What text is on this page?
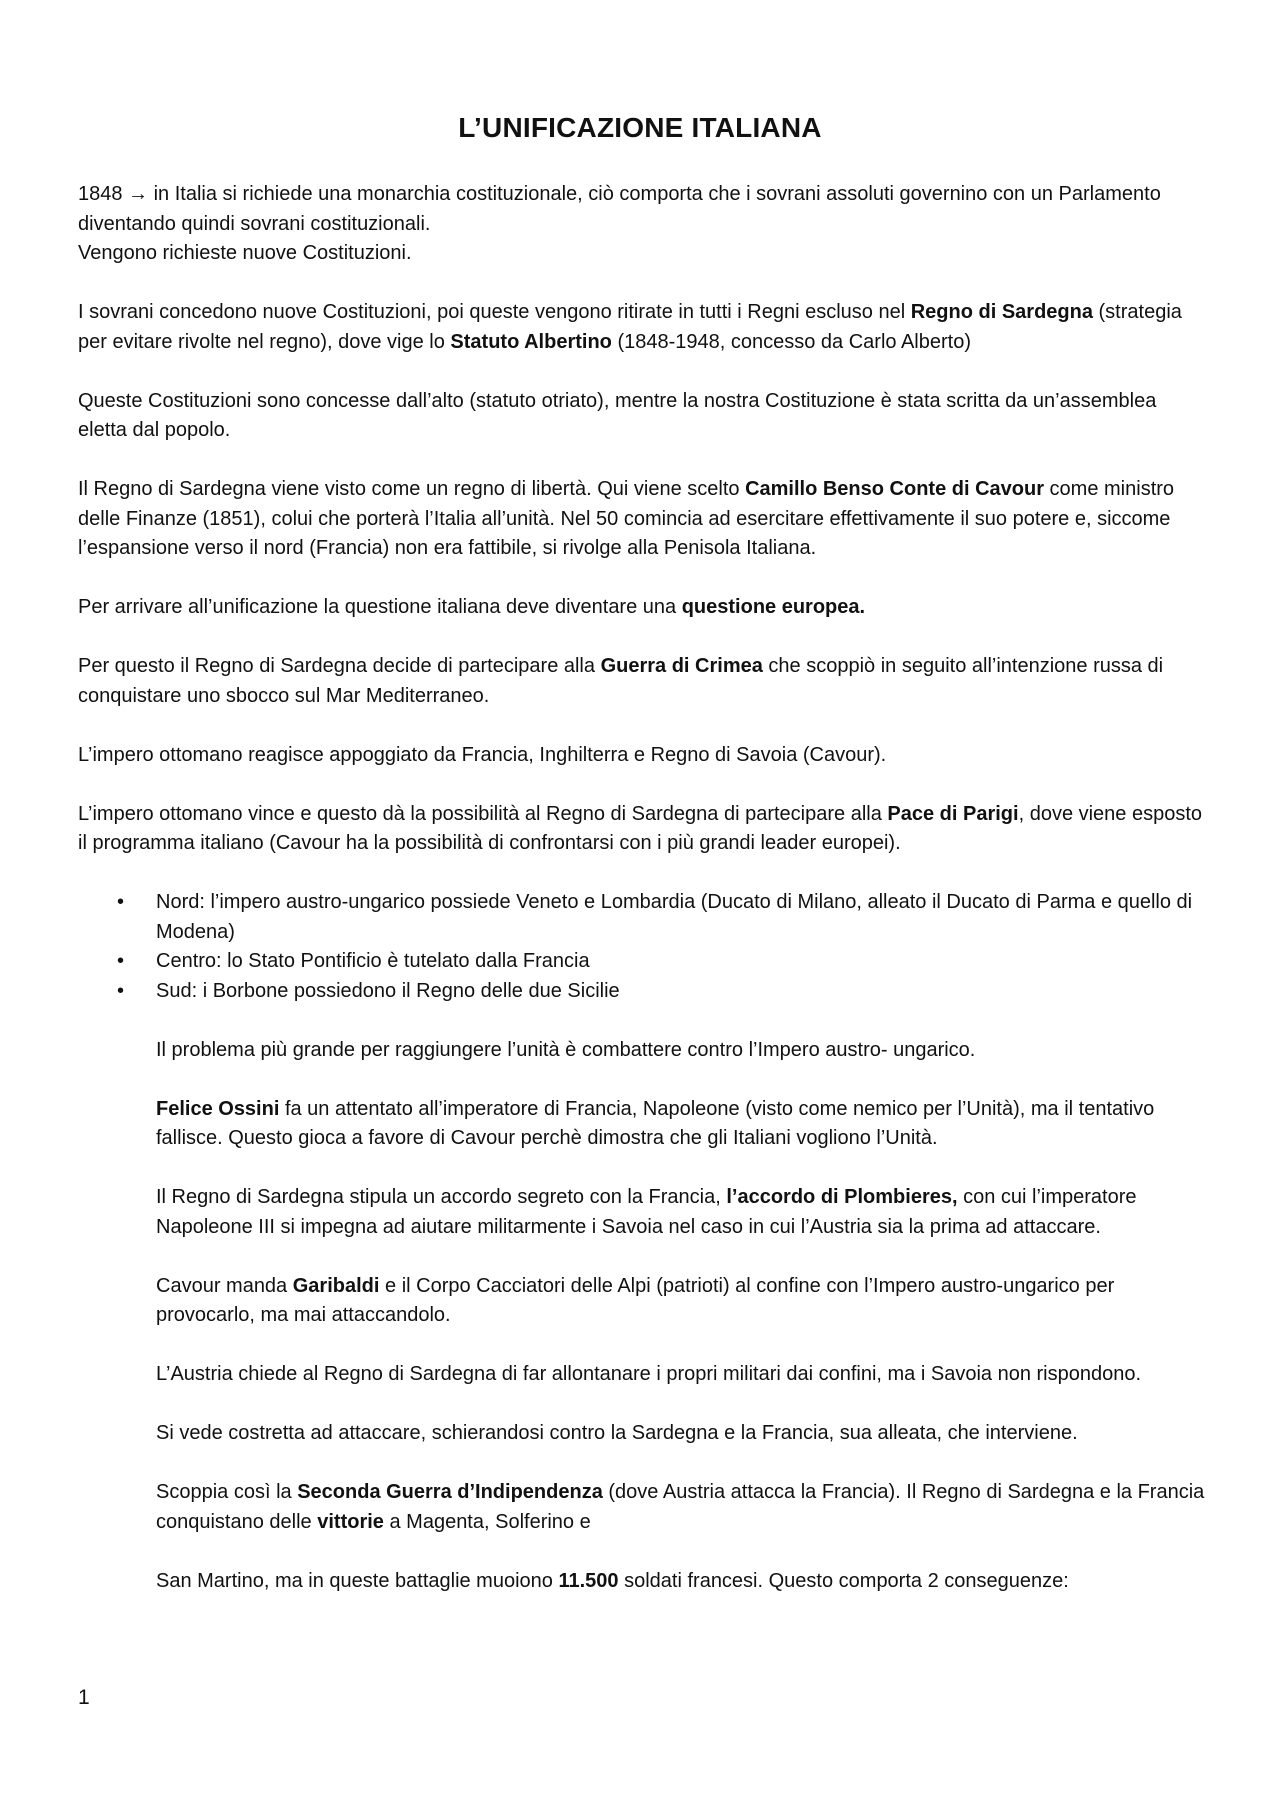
L’UNIFICAZIONE ITALIANA

1848 → in Italia si richiede una monarchia costituzionale, ciò comporta che i sovrani assoluti governino con un Parlamento diventando quindi sovrani costituzionali.
Vengono richieste nuove Costituzioni.

I sovrani concedono nuove Costituzioni, poi queste vengono ritirate in tutti i Regni escluso nel Regno di Sardegna (strategia per evitare rivolte nel regno), dove vige lo Statuto Albertino (1848-1948, concesso da Carlo Alberto)

Queste Costituzioni sono concesse dall’alto (statuto otriato), mentre la nostra Costituzione è stata scritta da un’assemblea eletta dal popolo.

Il Regno di Sardegna viene visto come un regno di libertà. Qui viene scelto Camillo Benso Conte di Cavour come ministro delle Finanze (1851), colui che porterà l’Italia all’unità. Nel 50 comincia ad esercitare effettivamente il suo potere e, siccome l’espansione verso il nord (Francia) non era fattibile, si rivolge alla Penisola Italiana.

Per arrivare all’unificazione la questione italiana deve diventare una questione europea.

Per questo il Regno di Sardegna decide di partecipare alla Guerra di Crimea che scoppiò in seguito all’intenzione russa di conquistare uno sbocco sul Mar Mediterraneo.

L’impero ottomano reagisce appoggiato da Francia, Inghilterra e Regno di Savoia (Cavour).

L’impero ottomano vince e questo dà la possibilità al Regno di Sardegna di partecipare alla Pace di Parigi, dove viene esposto il programma italiano (Cavour ha la possibilità di confrontarsi con i più grandi leader europei).

• Nord: l’impero austro-ungarico possiede Veneto e Lombardia (Ducato di Milano, alleato il Ducato di Parma e quello di Modena)
• Centro: lo Stato Pontificio è tutelato dalla Francia
• Sud: i Borbone possiedono il Regno delle due Sicilie

Il problema più grande per raggiungere l’unità è combattere contro l’Impero austro- ungarico.

Felice Ossini fa un attentato all’imperatore di Francia, Napoleone (visto come nemico per l’Unità), ma il tentativo fallisce. Questo gioca a favore di Cavour perchè dimostra che gli Italiani vogliono l’Unità.

Il Regno di Sardegna stipula un accordo segreto con la Francia, l’accordo di Plombieres, con cui l’imperatore Napoleone III si impegna ad aiutare militarmente i Savoia nel caso in cui l’Austria sia la prima ad attaccare.

Cavour manda Garibaldi e il Corpo Cacciatori delle Alpi (patrioti) al confine con l’Impero austro-ungarico per provocarlo, ma mai attaccandolo.

L’Austria chiede al Regno di Sardegna di far allontanare i propri militari dai confini, ma i Savoia non rispondono.

Si vede costretta ad attaccare, schierandosi contro la Sardegna e la Francia, sua alleata, che interviene.

Scoppia così la Seconda Guerra d’Indipendenza (dove Austria attacca la Francia). Il Regno di Sardegna e la Francia conquistano delle vittorie a Magenta, Solferino e

San Martino, ma in queste battaglie muoiono 11.500 soldati francesi. Questo comporta 2 conseguenze:

1
